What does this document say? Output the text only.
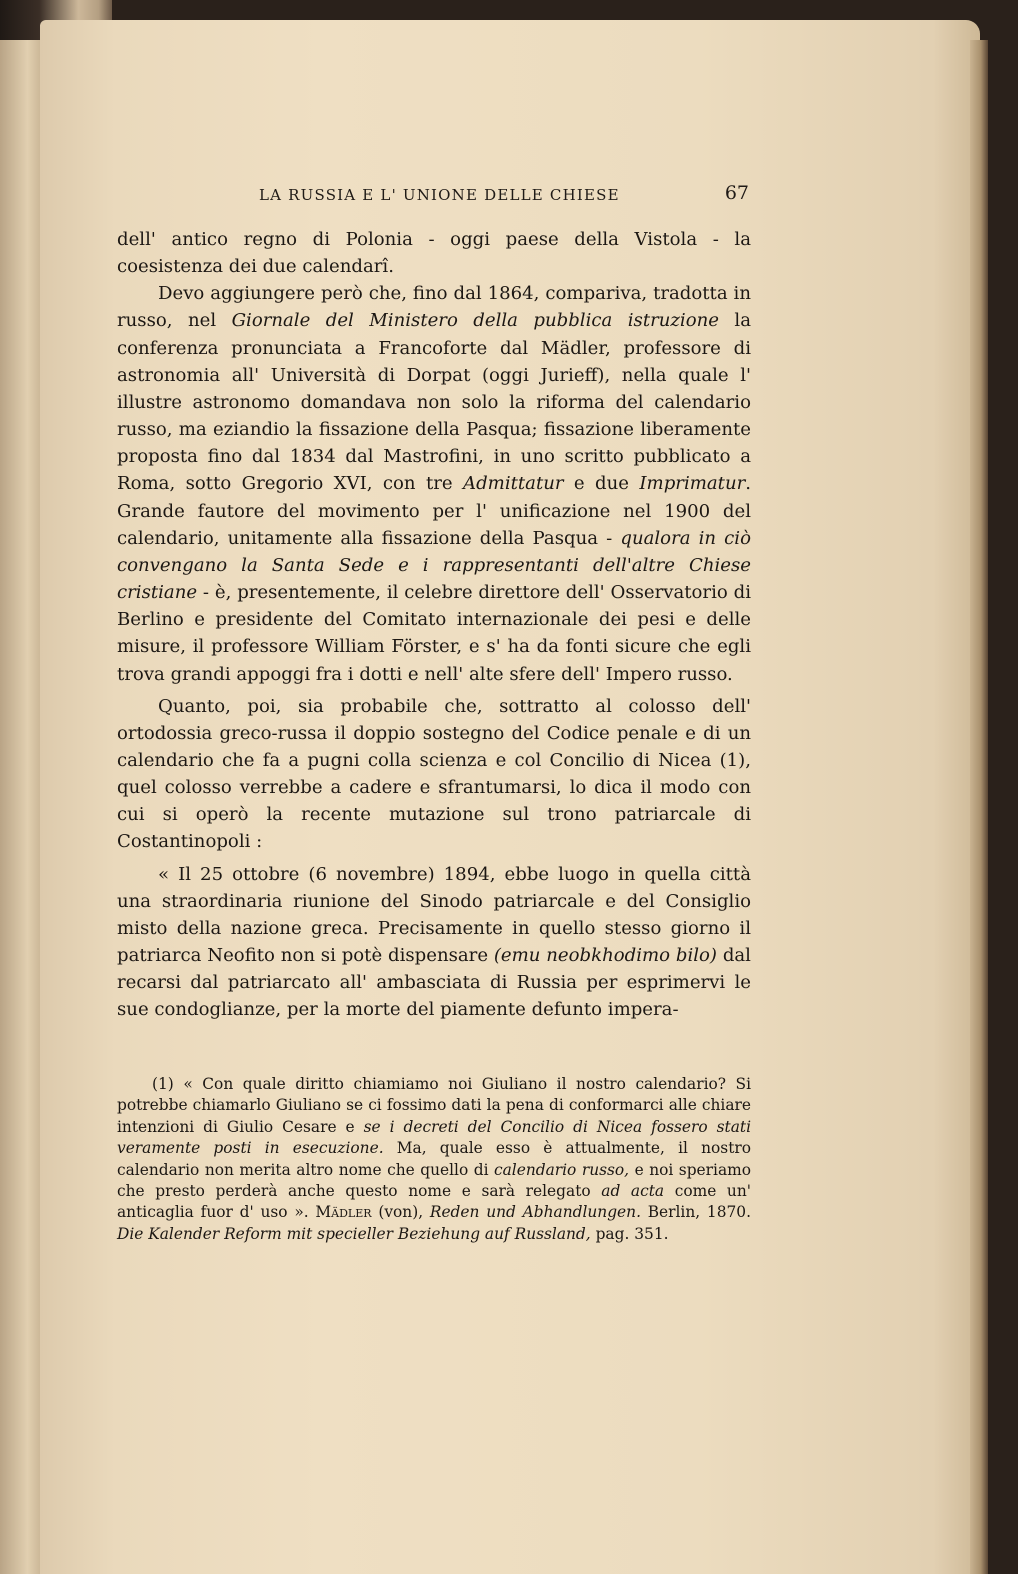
LA RUSSIA E L' UNIONE DELLE CHIESE	67

dell' antico regno di Polonia - oggi paese della Vistola - la coesistenza dei due calendarî.

Devo aggiungere però che, fino dal 1864, compariva, tradotta in russo, nel Giornale del Ministero della pubblica istruzione la conferenza pronunciata a Francoforte dal Mädler, professore di astronomia all' Università di Dorpat (oggi Jurieff), nella quale l' illustre astronomo domandava non solo la riforma del calendario russo, ma eziandio la fissazione della Pasqua; fissazione liberamente proposta fino dal 1834 dal Mastrofini, in uno scritto pubblicato a Roma, sotto Gregorio XVI, con tre Admittatur e due Imprimatur. Grande fautore del movimento per l' unificazione nel 1900 del calendario, unitamente alla fissazione della Pasqua - qualora in ciò convengano la Santa Sede e i rappresentanti dell'altre Chiese cristiane - è, presentemente, il celebre direttore dell' Osservatorio di Berlino e presidente del Comitato internazionale dei pesi e delle misure, il professore William Förster, e s' ha da fonti sicure che egli trova grandi appoggi fra i dotti e nell' alte sfere dell' Impero russo.

Quanto, poi, sia probabile che, sottratto al colosso dell' ortodossia greco-russa il doppio sostegno del Codice penale e di un calendario che fa a pugni colla scienza e col Concilio di Nicea (1), quel colosso verrebbe a cadere e sfrantumarsi, lo dica il modo con cui si operò la recente mutazione sul trono patriarcale di Costantinopoli :

« Il 25 ottobre (6 novembre) 1894, ebbe luogo in quella città una straordinaria riunione del Sinodo patriarcale e del Consiglio misto della nazione greca. Precisamente in quello stesso giorno il patriarca Neofito non si potè dispensare (emu neobkhodimo bilo) dal recarsi dal patriarcato all' ambasciata di Russia per esprimervi le sue condoglianze, per la morte del piamente defunto impera-

(1) « Con quale diritto chiamiamo noi Giuliano il nostro calendario? Si potrebbe chiamarlo Giuliano se ci fossimo dati la pena di conformarci alle chiare intenzioni di Giulio Cesare e se i decreti del Concilio di Nicea fossero stati veramente posti in esecuzione. Ma, quale esso è attualmente, il nostro calendario non merita altro nome che quello di calendario russo, e noi speriamo che presto perderà anche questo nome e sarà relegato ad acta come un' anticaglia fuor d' uso ». Mädler (von), Reden und Abhandlungen. Berlin, 1870. Die Kalender Reform mit specieller Beziehung auf Russland, pag. 351.
